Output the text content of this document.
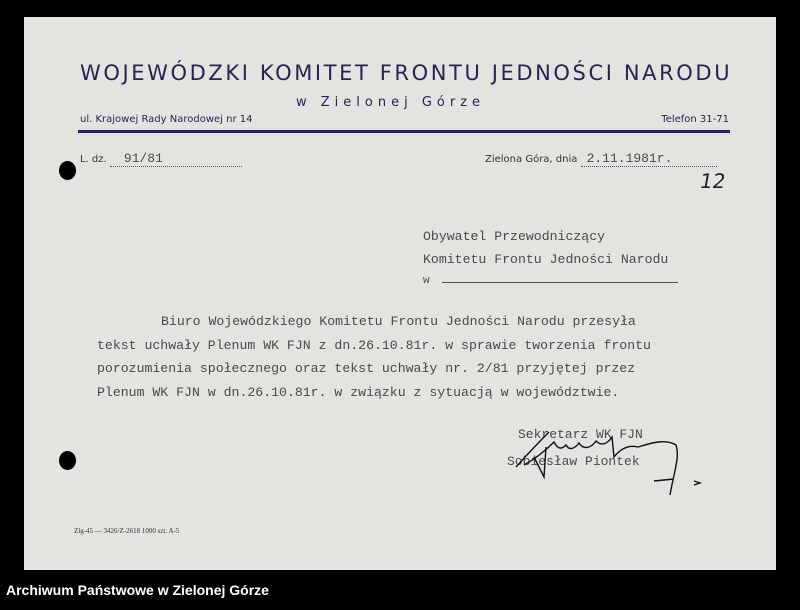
WOJEWÓDZKI KOMITET FRONTU JEDNOŚCI NARODU
w Zielonej Górze
ul. Krajowej Rady Narodowej nr 14	Telefon 31-71
L. dz. 91/81	Zielona Góra, dnia 2.11.1981r.
12
Obywatel Przewodniczący
Komitetu Frontu Jedności Narodu
w
Biuro Wojewódzkiego Komitetu Frontu Jedności Narodu przesyła
tekst uchwały Plenum WK FJN z dn.26.10.81r. w sprawie tworzenia frontu
porozumienia społecznego oraz tekst uchwały nr. 2/81 przyjętej przez
Plenum WK FJN w dn.26.10.81r. w związku z sytuacją w województwie.
Sekretarz WK FJN
Sobiesław Piontek
Zlg-45 — 3426/Z-2618 1000 szt. A-5
Archiwum Państwowe w Zielonej Górze
